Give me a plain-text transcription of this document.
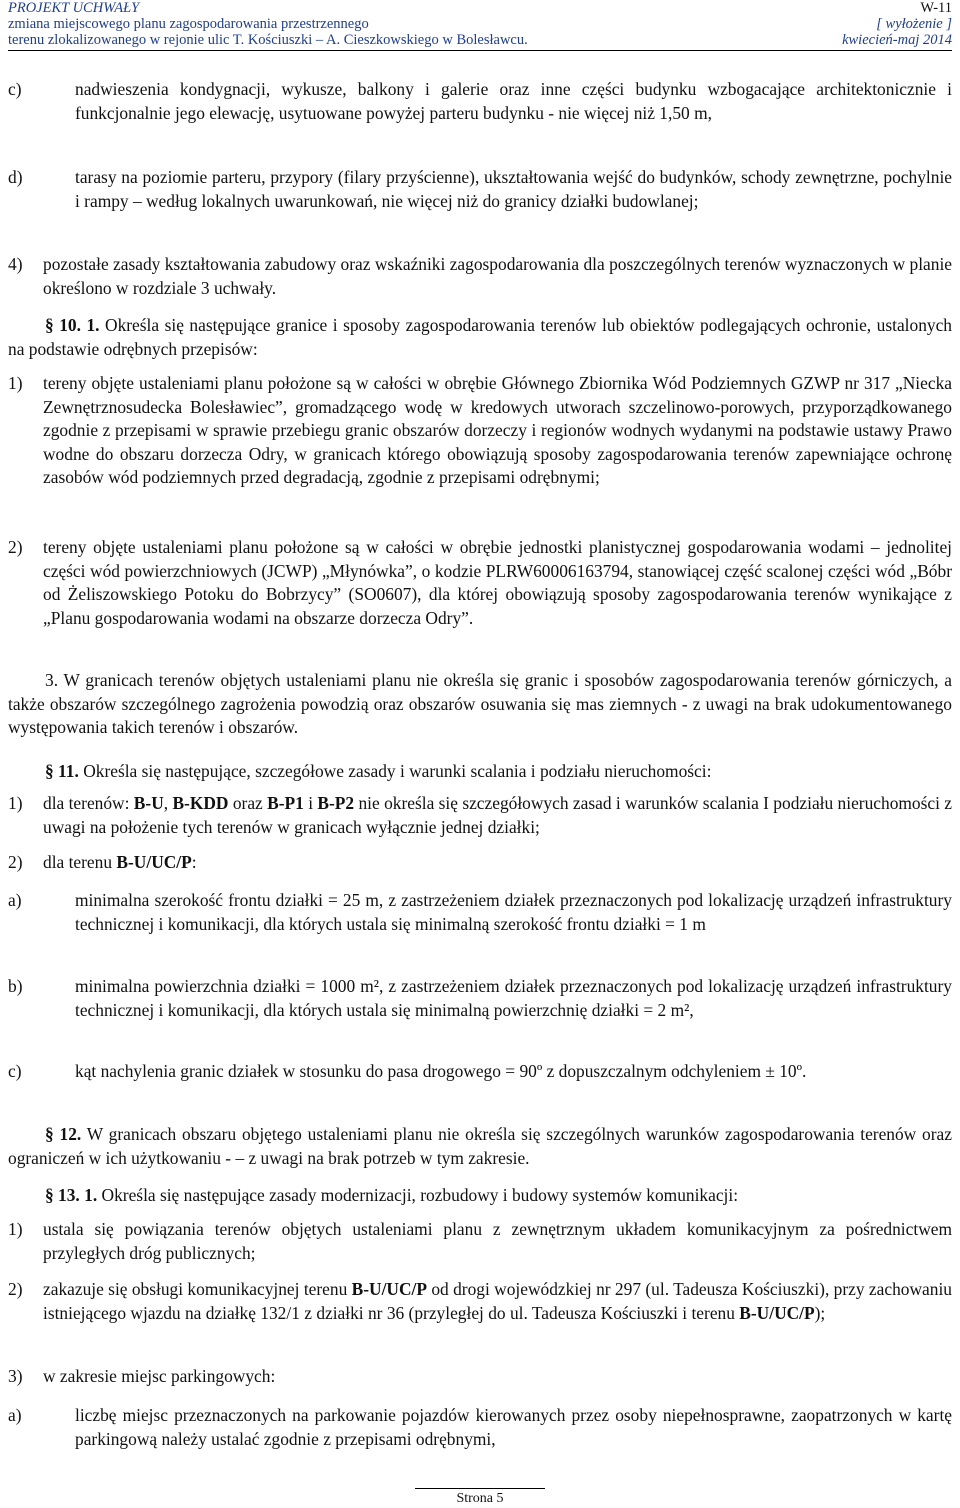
PROJEKT UCHWAŁY
zmiana miejscowego planu zagospodarowania przestrzennego
terenu zlokalizowanego w rejonie ulic T. Kościuszki – A. Cieszkowskiego w Bolesławcu.
W-11
[ wyłożenie ]
kwiecień-maj 2014
c)	nadwieszenia kondygnacji, wykusze, balkony i galerie oraz inne części budynku wzbogacające architektonicznie i funkcjonalnie jego elewację, usytuowane powyżej parteru budynku - nie więcej niż 1,50 m,
d)	tarasy na poziomie parteru, przypory (filary przyścienne), ukształtowania wejść do budynków, schody zewnętrzne, pochylnie i rampy – według lokalnych uwarunkowań, nie więcej niż do granicy działki budowlanej;
4) pozostałe zasady kształtowania zabudowy oraz wskaźniki zagospodarowania dla poszczególnych terenów wyznaczonych w planie określono w rozdziale 3 uchwały.
§ 10. 1. Określa się następujące granice i sposoby zagospodarowania terenów lub obiektów podlegających ochronie, ustalonych na podstawie odrębnych przepisów:
1) tereny objęte ustaleniami planu położone są w całości w obrębie Głównego Zbiornika Wód Podziemnych GZWP nr 317 „Niecka Zewnętrznosudecka Bolesławiec”, gromadzącego wodę w kredowych utworach szczelinowo-porowych, przyporządkowanego zgodnie z przepisami w sprawie przebiegu granic obszarów dorzeczy i regionów wodnych wydanymi na podstawie ustawy Prawo wodne do obszaru dorzecza Odry, w granicach którego obowiązują sposoby zagospodarowania terenów zapewniające ochronę zasobów wód podziemnych przed degradacją, zgodnie z przepisami odrębnymi;
2) tereny objęte ustaleniami planu położone są w całości w obrębie jednostki planistycznej gospodarowania wodami – jednolitej części wód powierzchniowych (JCWP) „Młynówka”, o kodzie PLRW60006163794, stanowiącej część scalonej części wód „Bóbr od Żeliszowskiego Potoku do Bobrzycy” (SO0607), dla której obowiązują sposoby zagospodarowania terenów wynikające z „Planu gospodarowania wodami na obszarze dorzecza Odry”.
3. W granicach terenów objętych ustaleniami planu nie określa się granic i sposobów zagospodarowania terenów górniczych, a także obszarów szczególnego zagrożenia powodzią oraz obszarów osuwania się mas ziemnych - z uwagi na brak udokumentowanego występowania takich terenów i obszarów.
§ 11. Określa się następujące, szczegółowe zasady i warunki scalania i podziału nieruchomości:
1) dla terenów: B-U, B-KDD oraz B-P1 i B-P2 nie określa się szczegółowych zasad i warunków scalania I podziału nieruchomości z uwagi na położenie tych terenów w granicach wyłącznie jednej działki;
2) dla terenu B-U/UC/P:
a)	minimalna szerokość frontu działki = 25 m, z zastrzeżeniem działek przeznaczonych pod lokalizację urządzeń infrastruktury technicznej i komunikacji, dla których ustala się minimalną szerokość frontu działki = 1 m
b)	minimalna powierzchnia działki = 1000 m², z zastrzeżeniem działek przeznaczonych pod lokalizację urządzeń infrastruktury technicznej i komunikacji, dla których ustala się minimalną powierzchnię działki = 2 m²,
c)	kąt nachylenia granic działek w stosunku do pasa drogowego = 90º z dopuszczalnym odchyleniem ± 10º.
§ 12. W granicach obszaru objętego ustaleniami planu nie określa się szczególnych warunków zagospodarowania terenów oraz ograniczeń w ich użytkowaniu - – z uwagi na brak potrzeb w tym zakresie.
§ 13. 1. Określa się następujące zasady modernizacji, rozbudowy i budowy systemów komunikacji:
1) ustala się powiązania terenów objętych ustaleniami planu z zewnętrznym układem komunikacyjnym za pośrednictwem przyległych dróg publicznych;
2) zakazuje się obsługi komunikacyjnej terenu B-U/UC/P od drogi wojewódzkiej nr 297 (ul. Tadeusza Kościuszki), przy zachowaniu istniejącego wjazdu na działkę 132/1 z działki nr 36 (przyległej do ul. Tadeusza Kościuszki i terenu B-U/UC/P);
3) w zakresie miejsc parkingowych:
a)	liczbę miejsc przeznaczonych na parkowanie pojazdów kierowanych przez osoby niepełnosprawne, zaopatrzonych w kartę parkingową należy ustalać zgodnie z przepisami odrębnymi,
Strona 5
